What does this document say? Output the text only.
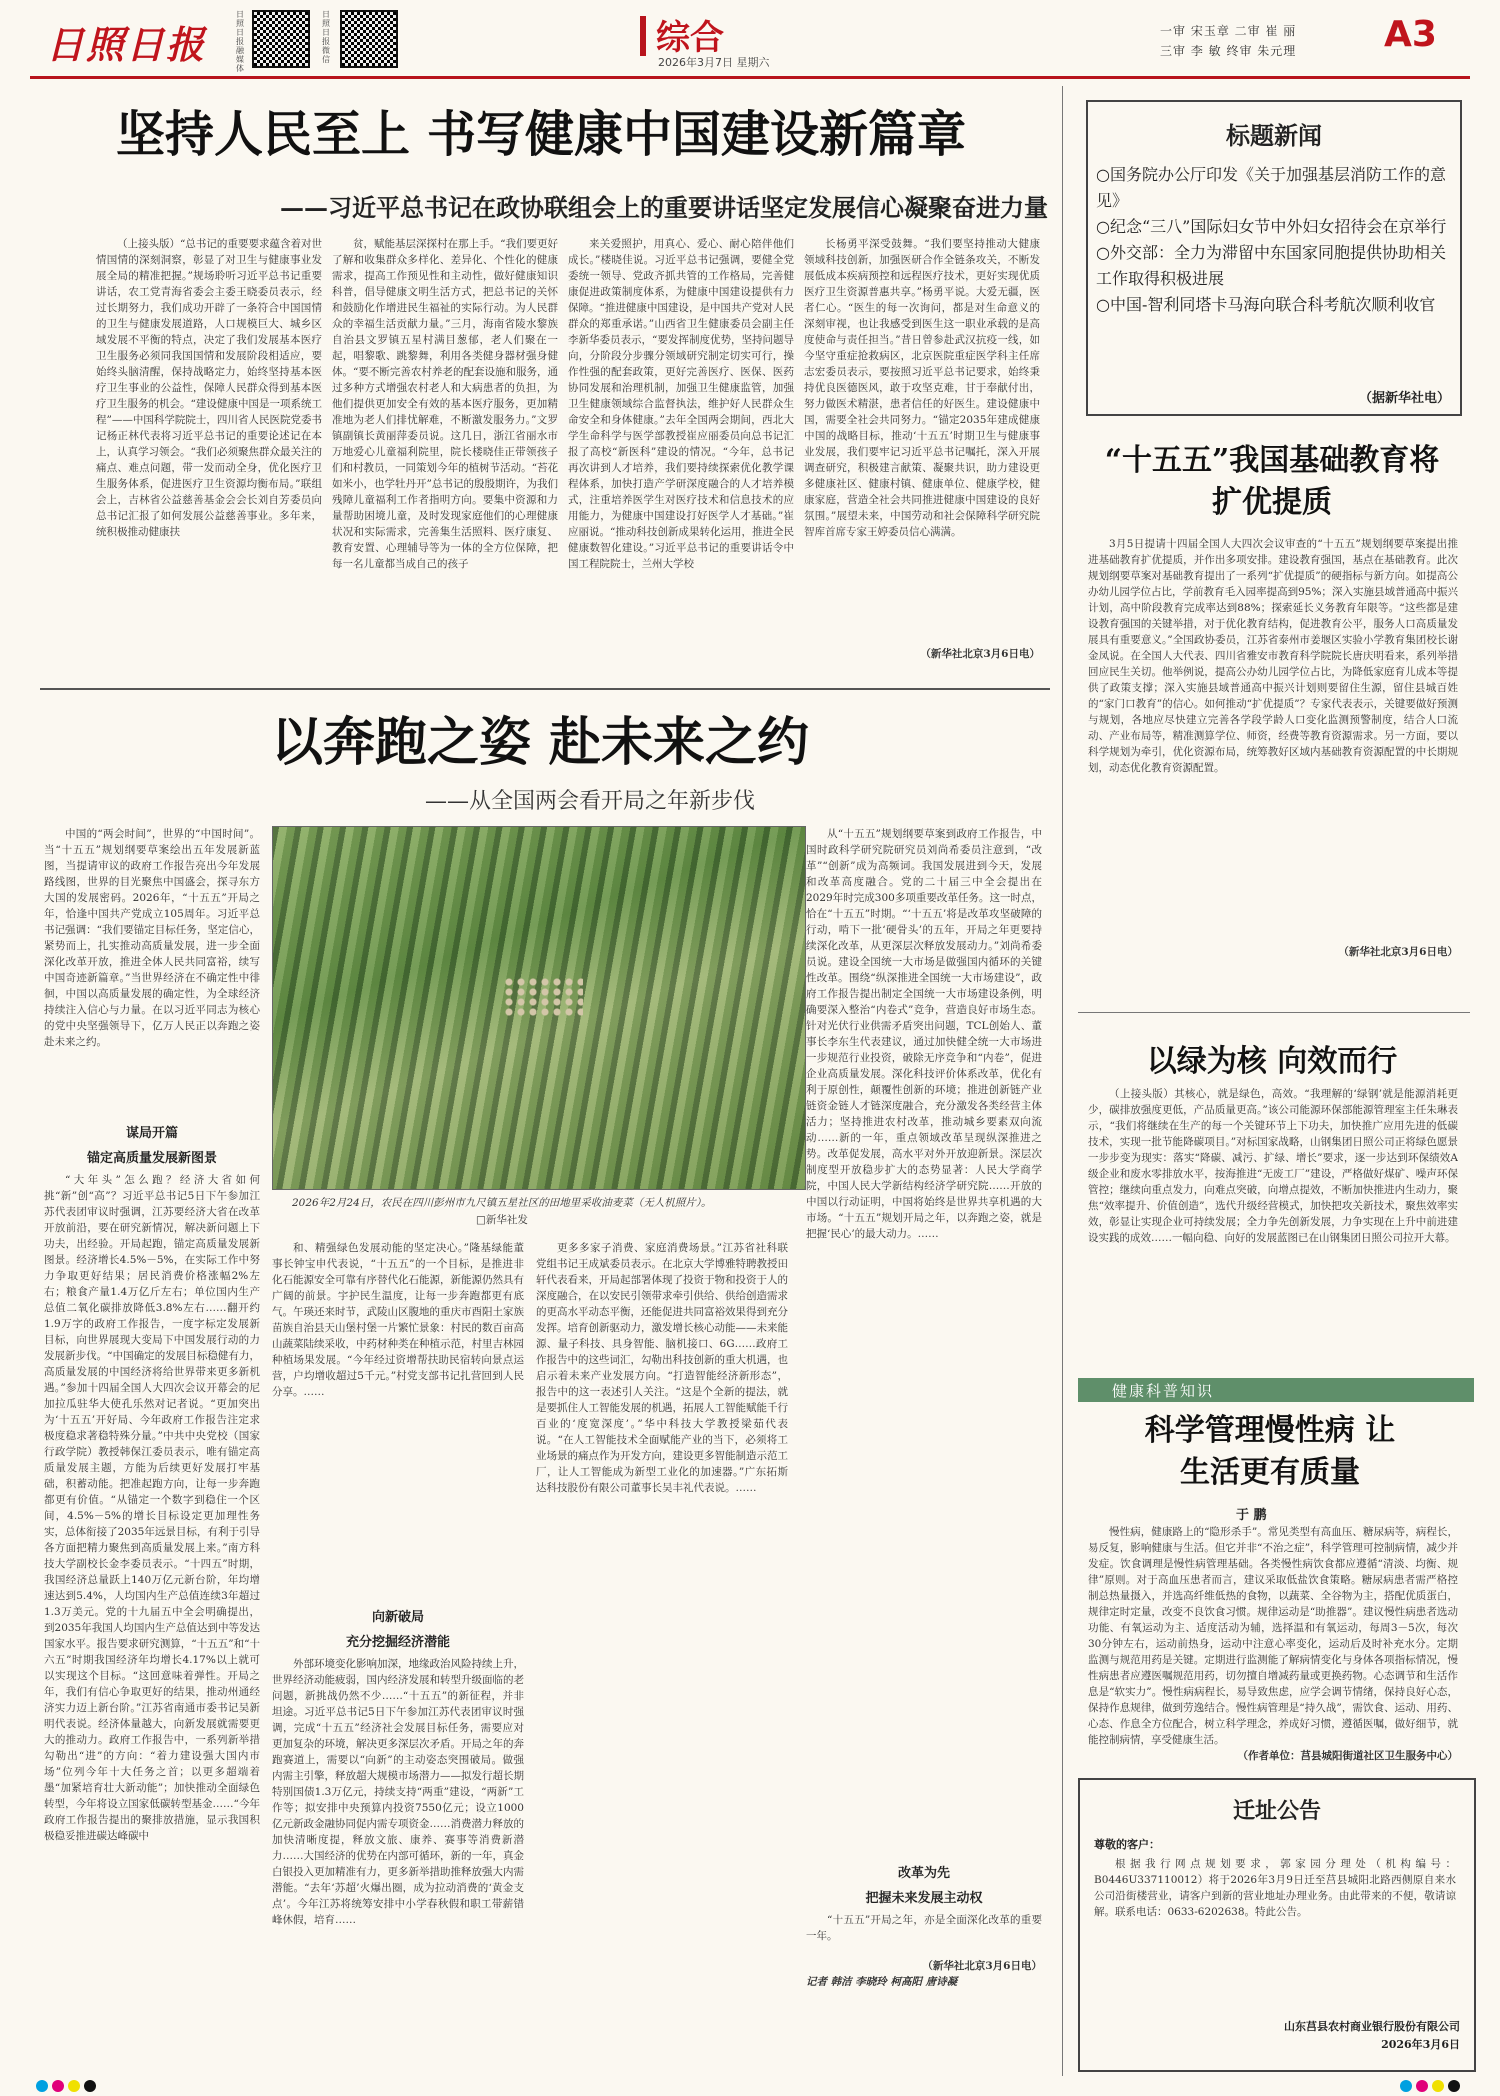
日照日报
日照日报融媒体
日照日报微信
综合
2026年3月7日 星期六
一审 宋玉章 二审 崔 丽
三审 李 敏 终审 朱元理 A3
坚持人民至上 书写健康中国建设新篇章
——习近平总书记在政协联组会上的重要讲话坚定发展信心凝聚奋进力量
（上接头版）“总书记的重要要求蕴含着对世情国情的深刻洞察，彰显了对卫生与健康事业发展全局的精准把握。”规场聆听习近平总书记重要讲话，农工党青海省委会主委王晓委员表示，经过长期努力，我们成功开辟了一条符合中国国情的卫生与健康发展道路，人口规模巨大、城乡区域发展不平衡的特点，决定了我们发展基本医疗卫生服务必须同我国国情和发展阶段相适应，要始终头脑清醒，保持战略定力，始终坚持基本医疗卫生事业的公益性，保障人民群众得到基本医疗卫生服务的机会。“建设健康中国是一项系统工程”——中国科学院院士，四川省人民医院党委书记杨正林代表将习近平总书记的重要论述记在本上，认真学习领会。“我们必须聚焦群众最关注的痛点、难点问题，带一发而动全身，优化医疗卫生服务体系，促进医疗卫生资源均衡布局。”联组会上，吉林省公益慈善基金会会长刘自芳委员向总书记汇报了如何发展公益慈善事业。多年来，统积极推动健康扶
贫，赋能基层深探村在那上手。“我们要更好了解和收集群众多样化、差异化、个性化的健康需求，提高工作预见性和主动性，做好健康知识科普，倡导健康文明生活方式，把总书记的关怀和鼓励化作增进民生福祉的实际行动。为人民群众的幸福生活贡献力量。”三月，海南省陵水黎族自治县文罗镇五星村满目葱郁，老人们聚在一起，唱黎歌、跳黎舞，利用各类健身器材强身健体。“要不断完善农村养老的配套设施和服务，通过多种方式增强农村老人和大病患者的负担，为他们提供更加安全有效的基本医疗服务，更加精准地为老人们排忧解难，不断激发服务力。”文罗镇副镇长黄丽萍委员说。这几日，浙江省丽水市万地爱心儿童福利院里，院长楼晓佳正带领孩子们和村教员，一同策划今年的植树节活动。“苔花如米小，也学牡丹开”总书记的殷殷期许，为我们残障儿童福利工作者指明方向。要集中资源和力量帮助困境儿童，及时发现家庭他们的心理健康状况和实际需求，完善集生活照料、医疗康复、教育安置、心理辅导等为一体的全方位保障，把每一名儿童都当成自己的孩子
来关爱照护，用真心、爱心、耐心陪伴他们成长。”楼晓佳说。习近平总书记强调，要健全党委统一领导、党政齐抓共管的工作格局，完善健康促进政策制度体系，为健康中国建设提供有力保障。“推进健康中国建设，是中国共产党对人民群众的郑重承诺。”山西省卫生健康委员会副主任李新华委员表示，“要发挥制度优势，坚持问题导向，分阶段分步骤分领域研究制定切实可行，操作性强的配套政策，更好完善医疗、医保、医药协同发展和治理机制，加强卫生健康监管，加强卫生健康领域综合监督执法，维护好人民群众生命安全和身体健康。”去年全国两会期间，西北大学生命科学与医学部教授崔应丽委员向总书记汇报了高校“新医科”建设的情况。“今年，总书记再次讲到人才培养，我们要持续探索优化教学课程体系，加快打造产学研深度融合的人才培养模式，注重培养医学生对医疗技术和信息技术的应用能力，为健康中国建设打好医学人才基础。”崔应丽说。“推动科技创新成果转化运用，推进全民健康数智化建设。”习近平总书记的重要讲话令中国工程院院士，兰州大学校
长杨勇平深受鼓舞。“我们要坚持推动大健康领域科技创新，加强医研合作全链条攻关，不断发展低成本疾病预控和远程医疗技术，更好实现优质医疗卫生资源普惠共享。”杨勇平说。大爱无疆，医者仁心。“医生的每一次询问，都是对生命意义的深刻审视，也让我感受到医生这一职业承载的是高度使命与责任担当。”昔日曾参赴武汉抗疫一线，如今坚守重症抢救病区，北京医院重症医学科主任席志宏委员表示，要按照习近平总书记要求，始终秉持优良医德医风，敢于攻坚克难，甘于奉献付出，努力做医术精湛，患者信任的好医生。建设健康中国，需要全社会共同努力。“锚定2035年建成健康中国的战略目标，推动‘十五五’时期卫生与健康事业发展，我们要牢记习近平总书记嘱托，深入开展调查研究，积极建言献策、凝聚共识，助力建设更多健康社区、健康村镇、健康单位、健康学校，健康家庭，营造全社会共同推进健康中国建设的良好氛围。”展望未来，中国劳动和社会保障科学研究院智库首席专家王婷委员信心满满。
（新华社北京3月6日电）
以奔跑之姿 赴未来之约
——从全国两会看开局之年新步伐
中国的“两会时间”，世界的“中国时间”。当“十五五”规划纲要草案绘出五年发展新蓝图，当提请审议的政府工作报告亮出今年发展路线图，世界的目光聚焦中国盛会，探寻东方大国的发展密码。2026年，“十五五”开局之年，恰逢中国共产党成立105周年。习近平总书记强调：“我们要锚定目标任务，坚定信心，紧势而上，扎实推动高质量发展，进一步全面深化改革开放，推进全体人民共同富裕，续写中国奇迹新篇章。”当世界经济在不确定性中徘徊，中国以高质量发展的确定性，为全球经济持续注入信心与力量。在以习近平同志为核心的党中央坚强领导下，亿万人民正以奔跑之姿赴未来之约。
谋局开篇
锚定高质量发展新图景
“大年头”怎么跑？经济大省如何挑“新”创“高”？习近平总书记5日下午参加江苏代表团审议时强调，江苏要经济大省在改革开放前沿，要在研究新情况，解决新问题上下功夫，出经验。开局起跑，锚定高质量发展新图景。经济增长4.5%－5%，在实际工作中努力争取更好结果；居民消费价格涨幅2%左右；粮食产量1.4万亿斤左右；单位国内生产总值二氧化碳排放降低3.8%左右……翻开约1.9万字的政府工作报告，一度字标定发展新目标，向世界展现大变局下中国发展行动的力发展新步伐。“中国确定的发展目标稳健有力，高质量发展的中国经济将给世界带来更多新机遇。”参加十四届全国人大四次会议开幕会的尼加拉瓜驻华大使孔乐然对记者说。“更加突出为‘十五五’开好局、今年政府工作报告注定求极度稳求著稳特殊分量。”中共中央党校（国家行政学院）教授韩保江委员表示，唯有锚定高质量发展主题，方能为后续更好发展打牢基础，积蓄动能。把准起跑方向，让每一步奔跑都更有价值。“从锚定一个数字到稳住一个区间，4.5%－5%的增长目标设定更加理性务实，总体衔接了2035年远景目标，有利于引导各方面把精力聚焦到高质量发展上来。”南方科技大学副校长金李委员表示。“十四五”时期，我国经济总量跃上140万亿元新台阶，年均增速达到5.4%，人均国内生产总值连续3年超过1.3万美元。党的十九届五中全会明确提出，到2035年我国人均国内生产总值达到中等发达国家水平。报告要求研究测算，“十五五”和“十六五”时期我国经济年均增长4.17%以上就可以实现这个目标。“这回意味着弹性。开局之年，我们有信心争取更好的结果，推动州通经济实力迈上新台阶。”江苏省南通市委书记吴新明代表说。经济体量越大，向新发展就需要更大的推动力。政府工作报告中，一系列新举措勾勒出“进”的方向：“着力建设强大国内市场”位列今年十大任务之首；以更多超端着墨“加紧培育壮大新动能”；加快推动全面绿色转型，今年将设立国家低碳转型基金……“今年政府工作报告提出的聚排放措施，显示我国积极稳妥推进碳达峰碳中
2026年2月24日，农民在四川彭州市九尺镇五星社区的田地里采收油麦菜（无人机照片）。
□新华社发
和、精强绿色发展动能的坚定决心。”隆基绿能董事长钟宝申代表说，“十五五”的一个目标，是推进非化石能源安全可靠有序替代化石能源，新能源仍然具有广阔的前景。宇护民生温度，让每一步奔跑都更有底气。午瑛还来时节，武陵山区腹地的重庆市酉阳土家族苗族自治县天山堡村堡一片繁忙景象：村民的数百亩高山蔬菜陆续采收，中药材种类在种植示范，村里吉林园种植场果发展。“今年经过资增帮扶助民宿转向景点运营，户均增收超过5千元。”村党支部书记扎营回到人民分享。……
向新破局
充分挖掘经济潜能
外部环境变化影响加深，地缘政治风险持续上升，世界经济动能疲弱，国内经济发展和转型升级面临的老问题，新挑战仍然不少……“十五五”的新征程，并非坦途。习近平总书记5日下午参加江苏代表团审议时强调，完成“十五五”经济社会发展目标任务，需要应对更加复杂的环境，解决更多深层次矛盾。开局之年的奔跑赛道上，需要以“向新”的主动姿态突围破局。做强内需主引擎，释放超大规模市场潜力——拟发行超长期特别国债1.3万亿元，持续支持“两重”建设，“两新”工作等；拟安排中央预算内投资7550亿元；设立1000亿元新政金融协同促内需专项资金……消费潜力释放的加快清晰度提，释放文旅、康养、赛事等消费新潜力……大国经济的优势在内部可循环，新的一年，真金白银投入更加精准有力，更多新举措助推释放强大内需潜能。“去年‘苏超’火爆出圈，成为拉动消费的‘黄金支点’。今年江苏将统筹安排中小学春秋假和职工带薪错峰休假，培育……
更多多家子消费、家庭消费场景。”江苏省社科联党组书记王成斌委员表示。在北京大学博雅特聘教授田轩代表看来，开局起部署体现了投资于物和投资于人的深度融合，在以安民引领带求牵引供给、供给创造需求的更高水平动态平衡，还能促进共同富裕效果得到充分发挥。培育创新驱动力，激发增长核心动能——未来能源、量子科技、具身智能、脑机接口、6G……政府工作报告中的这些词汇，勾勒出科技创新的重大机遇，也启示着未来产业发展方向。“打造智能经济新形态”，报告中的这一表述引人关注。“这是个全新的提法，就是要抓住人工智能发展的机遇，拓展人工智能赋能千行百业的‘度宽深度’。”华中科技大学教授梁茹代表说。“在人工智能技术全面赋能产业的当下，必须将工业场景的痛点作为开发方向，建设更多智能制造示范工厂，让人工智能成为新型工业化的加速器。”广东拓斯达科技股份有限公司董事长吴丰礼代表说。……
从“十五五”规划纲要草案到政府工作报告，中国时政科学研究院研究员刘尚希委员注意到，“改革”“创新”成为高频词。我国发展进到今天，发展和改革高度融合。党的二十届三中全会提出在2029年时完成300多项重要改革任务。这一时点，恰在“十五五”时期。“‘十五五’将是改革攻坚破障的行动，啃下一批‘硬骨头’的五年，开局之年更要持续深化改革，从更深层次释放发展动力。”刘尚希委员说。建设全国统一大市场是做强国内循环的关键性改革。围绕“纵深推进全国统一大市场建设”，政府工作报告提出制定全国统一大市场建设条例，明确要深入整治“内卷式”竞争，营造良好市场生态。针对光伏行业供需矛盾突出问题，TCL创始人、董事长李东生代表建议，通过加快健全统一大市场进一步规范行业投资，破除无序竞争和“内卷”，促进企业高质量发展。深化科技评价体系改革，优化有利于原创性，颠覆性创新的环境；推进创新链产业链资金链人才链深度融合，充分激发各类经营主体活力；坚持推进农村改革，推动城乡要素双向流动……新的一年，重点领域改革呈现纵深推进之势。改革促发展，高水平对外开放迎新景。深层次制度型开放稳步扩大的态势显著：人民大学商学院，中国人民大学新结构经济学研究院……开放的中国以行动证明，中国将始终是世界共享机遇的大市场。“十五五”规划开局之年，以奔跑之姿，就是把握‘民心’的最大动力。……
改革为先
把握未来发展主动权
“十五五”开局之年，亦是全面深化改革的重要一年。
（新华社北京3月6日电）
记者 韩洁 李晓玲 柯高阳 唐诗凝
标题新闻
○国务院办公厅印发《关于加强基层消防工作的意见》
○纪念“三八”国际妇女节中外妇女招待会在京举行
○外交部：全力为滞留中东国家同胞提供协助相关工作取得积极进展
○中国-智利同塔卡马海向联合科考航次顺利收官
（据新华社电）
“十五五”我国基础教育将扩优提质
3月5日提请十四届全国人大四次会议审查的“十五五”规划纲要草案提出推进基础教育扩优提质，并作出多项安排。建设教育强国，基点在基础教育。此次规划纲要草案对基础教育提出了一系列“扩优提质”的硬指标与新方向。如提高公办幼儿园学位占比，学前教育毛入园率提高到95%；深入实施县域普通高中振兴计划，高中阶段教育完成率达到88%；探索延长义务教育年限等。“这些都是建设教育强国的关键举措，对于优化教育结构，促进教育公平，服务人口高质量发展具有重要意义。”全国政协委员，江苏省泰州市姜堰区实验小学教育集团校长谢金凤说。在全国人大代表、四川省雅安市教育科学院院长唐庆明看来，系列举措回应民生关切。他举例说，提高公办幼儿园学位占比，为降低家庭育儿成本等提供了政策支撑；深入实施县域普通高中振兴计划则要留住生源，留住县城百姓的“家门口教育”的信心。如何推动“扩优提质”？专家代表表示，关键要做好预测与规划，各地应尽快建立完善各学段学龄人口变化监测预警制度，结合人口流动、产业布局等，精准测算学位、师资，经费等教育资源需求。另一方面，要以科学规划为牵引，优化资源布局，统筹教好区域内基础教育资源配置的中长期规划，动态优化教育资源配置。
（新华社北京3月6日电）
以绿为核 向效而行
（上接头版）其核心，就是绿色，高效。“我理解的‘绿钢’就是能源消耗更少，碳排放强度更低，产品质量更高。”该公司能源环保部能源管理室主任朱琳表示，“我们将继续在生产的每一个关键环节上下功夫，加快推广应用先进的低碳技术，实现一批节能降碳项目。”对标国家战略，山钢集团日照公司正将绿色愿景一步步变为现实：落实“降碳、减污、扩绿、增长”要求，逐一步达到环保绩效A级企业和废水零排放水平，按海推进“无废工厂”建设，严格做好煤矿、噪声环保管控；继续向重点发力，向难点突破，向增点提效，不断加快推进内生动力，聚焦“效率提升、价值创造”，选代升级经营模式，加快把攻关新技术，聚焦效率实效，彰显让实现企业可持续发展；全力争先创新发展，力争实现在上升中前进建设实践的成效……一幅向稳、向好的发展蓝图已在山钢集团日照公司拉开大幕。
健康科普知识
科学管理慢性病 让生活更有质量
于 鹏
慢性病，健康路上的“隐形杀手”。常见类型有高血压、糖尿病等，病程长，易反复，影响健康与生活。但它并非“不治之症”，科学管理可控制病情，减少并发症。饮食调理是慢性病管理基础。各类慢性病饮食都应遵循“清淡、均衡、规律”原则。对于高血压患者而言，建议采取低盐饮食策略。糖尿病患者需严格控制总热量摄入，并选高纤维低热的食物，以蔬菜、全谷物为主，搭配优质蛋白，规律定时定量，改变不良饮食习惯。规律运动是“助推器”。建议慢性病患者选动功能、有氧运动为主、适度活动为辅，选择温和有氧运动，每周3－5次，每次30分钟左右，运动前热身，运动中注意心率变化，运动后及时补充水分。定期监测与规范用药是关键。定期进行监测能了解病情变化与身体各项指标情况，慢性病患者应遵医嘱规范用药，切勿擅自增减药量或更换药物。心态调节和生活作息是“软实力”。慢性病病程长，易导致焦虑，应学会调节情绪，保持良好心态，保持作息规律，做到劳逸结合。慢性病管理是“持久战”，需饮食、运动、用药、心态、作息全方位配合，树立科学理念，养成好习惯，遵循医嘱，做好细节，就能控制病情，享受健康生活。
（作者单位：莒县城阳街道社区卫生服务中心）
迁址公告
尊敬的客户：
根据我行网点规划要求，郭家园分理处（机构编号：B0446U337110012）将于2026年3月9日迁至莒县城阳北路西侧原自来水公司沿街楼营业，请客户到新的营业地址办理业务。由此带来的不便，敬请谅解。联系电话：0633-6202638。特此公告。
山东莒县农村商业银行股份有限公司
2026年3月6日
